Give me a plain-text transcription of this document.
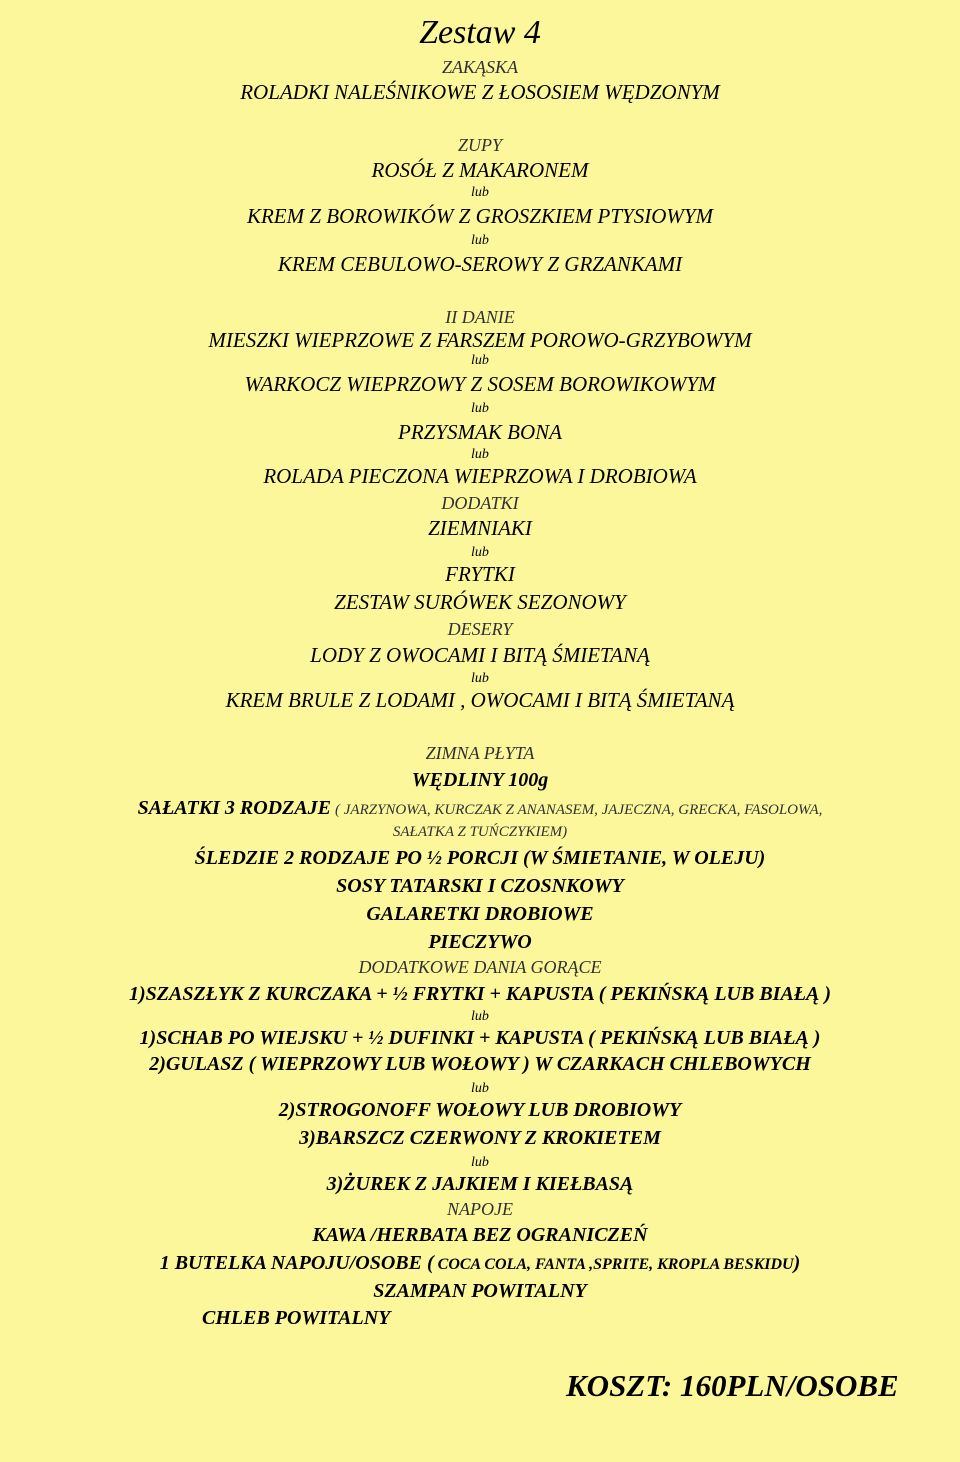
Zestaw 4
ZAKĄSKA
ROLADKI NALEŚNIKOWE Z ŁOSOSIEM WĘDZONYM
ZUPY
ROSÓŁ Z MAKARONEM
lub
KREM Z BOROWIKÓW Z GROSZKIEM PTYSIOWYM
lub
KREM CEBULOWO-SEROWY Z GRZANKAMI
II DANIE
MIESZKI WIEPRZOWE Z FARSZEM POROWO-GRZYBOWYM
lub
WARKOCZ WIEPRZOWY Z SOSEM BOROWIKOWYM
lub
PRZYSMAK BONA
lub
ROLADA PIECZONA WIEPRZOWA I DROBIOWA
DODATKI
ZIEMNIAKI
lub
FRYTKI
ZESTAW SURÓWEK SEZONOWY
DESERY
LODY Z OWOCAMI I BITĄ ŚMIETANĄ
lub
KREM BRULE Z LODAMI , OWOCAMI I BITĄ ŚMIETANĄ
ZIMNA PŁYTA
WĘDLINY 100g
SAŁATKI 3 RODZAJE ( JARZYNOWA, KURCZAK Z ANANASEM, JAJECZNA, GRECKA, FASOLOWA,
SAŁATKA Z TUŃCZYKIEM)
ŚLEDZIE 2 RODZAJE PO ½ PORCJI (W ŚMIETANIE, W OLEJU)
SOSY TATARSKI I CZOSNKOWY
GALARETKI DROBIOWE
PIECZYWO
DODATKOWE DANIA GORĄCE
1)SZASZŁYK Z KURCZAKA + ½ FRYTKI + KAPUSTA ( PEKIŃSKĄ LUB BIAŁĄ )
lub
1)SCHAB PO WIEJSKU + ½ DUFINKI + KAPUSTA ( PEKIŃSKĄ LUB BIAŁĄ )
2)GULASZ ( WIEPRZOWY LUB WOŁOWY ) W CZARKACH CHLEBOWYCH
lub
2)STROGONOFF WOŁOWY LUB DROBIOWY
3)BARSZCZ CZERWONY Z KROKIETEM
lub
3)ŻUREK Z JAJKIEM I KIEŁBASĄ
NAPOJE
KAWA /HERBATA BEZ OGRANICZEŃ
1 BUTELKA NAPOJU/OSOBE ( COCA COLA, FANTA ,SPRITE, KROPLA BESKIDU)
SZAMPAN POWITALNY
CHLEB POWITALNY
KOSZT: 160PLN/OSOBE
